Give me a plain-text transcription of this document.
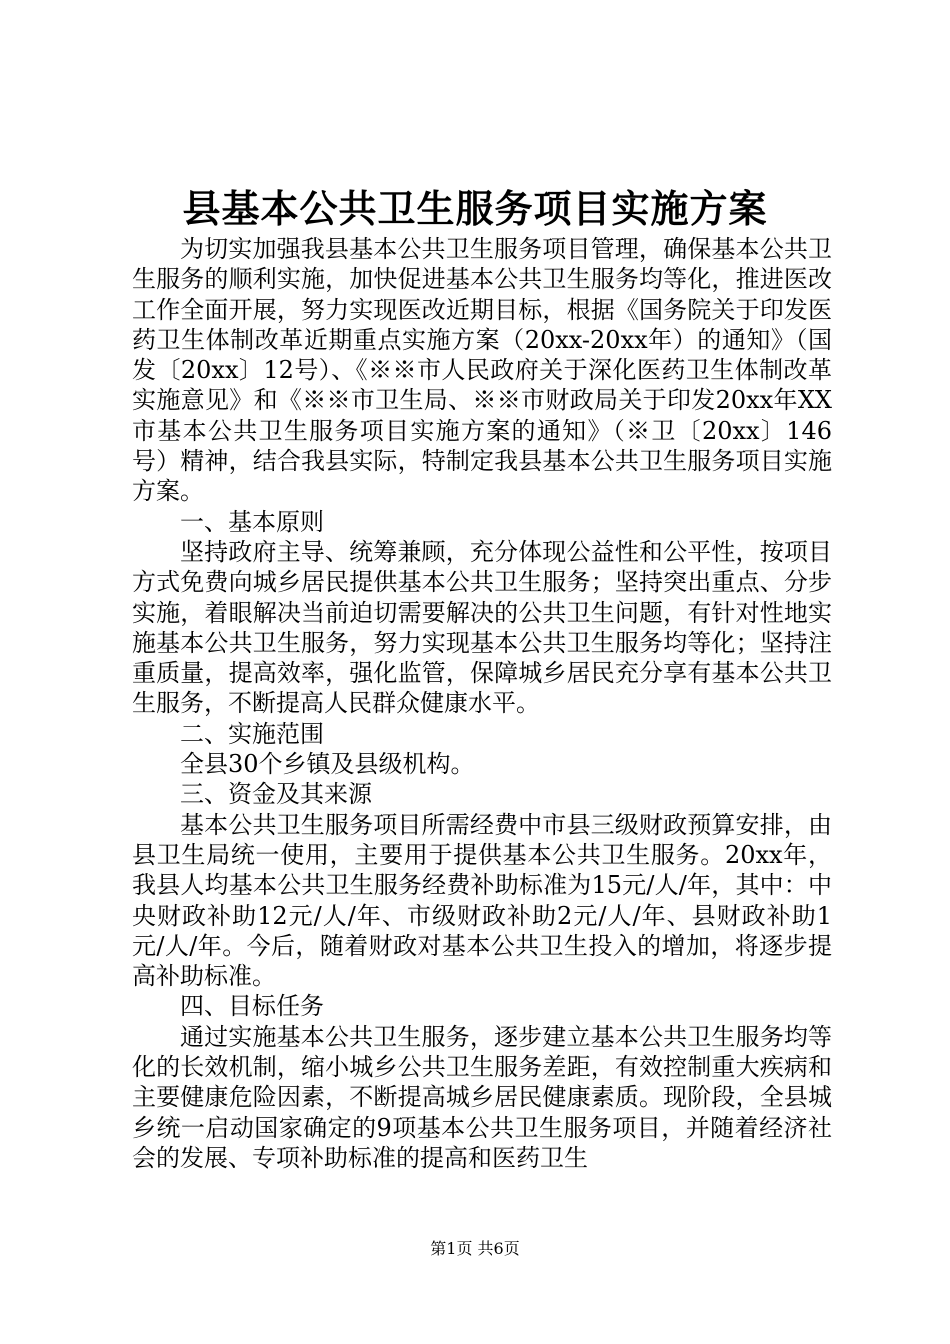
县基本公共卫生服务项目实施方案

为切实加强我县基本公共卫生服务项目管理，确保基本公共卫生服务的顺利实施，加快促进基本公共卫生服务均等化，推进医改工作全面开展，努力实现医改近期目标，根据《国务院关于印发医药卫生体制改革近期重点实施方案（20xx-20xx年）的通知》（国发〔20xx〕12号）、《※※市人民政府关于深化医药卫生体制改革实施意见》和《※※市卫生局、※※市财政局关于印发20xx年XX市基本公共卫生服务项目实施方案的通知》（※卫〔20xx〕146号）精神，结合我县实际，特制定我县基本公共卫生服务项目实施方案。

一、基本原则

坚持政府主导、统筹兼顾，充分体现公益性和公平性，按项目方式免费向城乡居民提供基本公共卫生服务；坚持突出重点、分步实施，着眼解决当前迫切需要解决的公共卫生问题，有针对性地实施基本公共卫生服务，努力实现基本公共卫生服务均等化；坚持注重质量，提高效率，强化监管，保障城乡居民充分享有基本公共卫生服务，不断提高人民群众健康水平。

二、实施范围

全县30个乡镇及县级机构。

三、资金及其来源

基本公共卫生服务项目所需经费中市县三级财政预算安排，由县卫生局统一使用，主要用于提供基本公共卫生服务。20xx年，我县人均基本公共卫生服务经费补助标准为15元/人/年，其中：中央财政补助12元/人/年、市级财政补助2元/人/年、县财政补助1元/人/年。今后，随着财政对基本公共卫生投入的增加，将逐步提高补助标准。

四、目标任务

通过实施基本公共卫生服务，逐步建立基本公共卫生服务均等化的长效机制，缩小城乡公共卫生服务差距，有效控制重大疾病和主要健康危险因素，不断提高城乡居民健康素质。现阶段，全县城乡统一启动国家确定的9项基本公共卫生服务项目，并随着经济社会的发展、专项补助标准的提高和医药卫生

第1页 共6页
